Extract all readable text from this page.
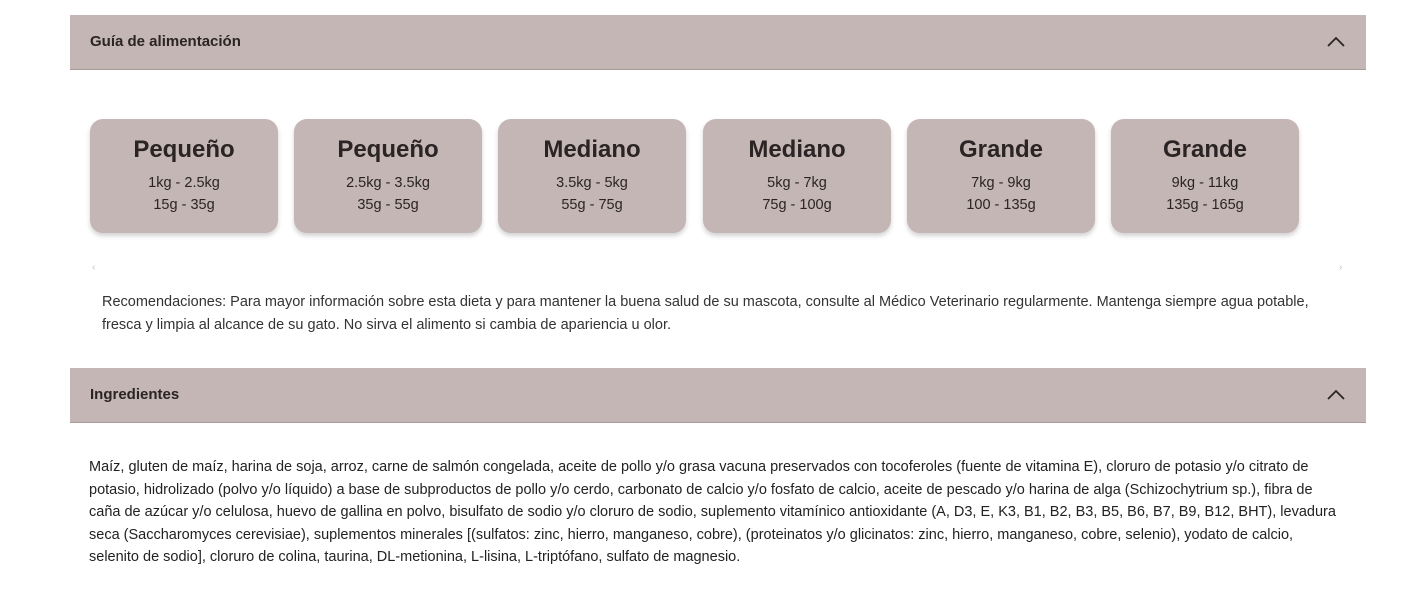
Guía de alimentación
Pequeño
1kg - 2.5kg
15g - 35g
Pequeño
2.5kg - 3.5kg
35g - 55g
Mediano
3.5kg - 5kg
55g - 75g
Mediano
5kg - 7kg
75g - 100g
Grande
7kg - 9kg
100 - 135g
Grande
9kg - 11kg
135g - 165g
‹	›
Recomendaciones: Para mayor información sobre esta dieta y para mantener la buena salud de su mascota, consulte al Médico Veterinario regularmente. Mantenga siempre agua potable, fresca y limpia al alcance de su gato. No sirva el alimento si cambia de apariencia u olor.
Ingredientes
Maíz, gluten de maíz, harina de soja, arroz, carne de salmón congelada, aceite de pollo y/o grasa vacuna preservados con tocoferoles (fuente de vitamina E), cloruro de potasio y/o citrato de potasio, hidrolizado (polvo y/o líquido) a base de subproductos de pollo y/o cerdo, carbonato de calcio y/o fosfato de calcio, aceite de pescado y/o harina de alga (Schizochytrium sp.), fibra de caña de azúcar y/o celulosa, huevo de gallina en polvo, bisulfato de sodio y/o cloruro de sodio, suplemento vitamínico antioxidante (A, D3, E, K3, B1, B2, B3, B5, B6, B7, B9, B12, BHT), levadura seca (Saccharomyces cerevisiae), suplementos minerales [(sulfatos: zinc, hierro, manganeso, cobre), (proteinatos y/o glicinatos: zinc, hierro, manganeso, cobre, selenio), yodato de calcio, selenito de sodio], cloruro de colina, taurina, DL-metionina, L-lisina, L-triptófano, sulfato de magnesio.
